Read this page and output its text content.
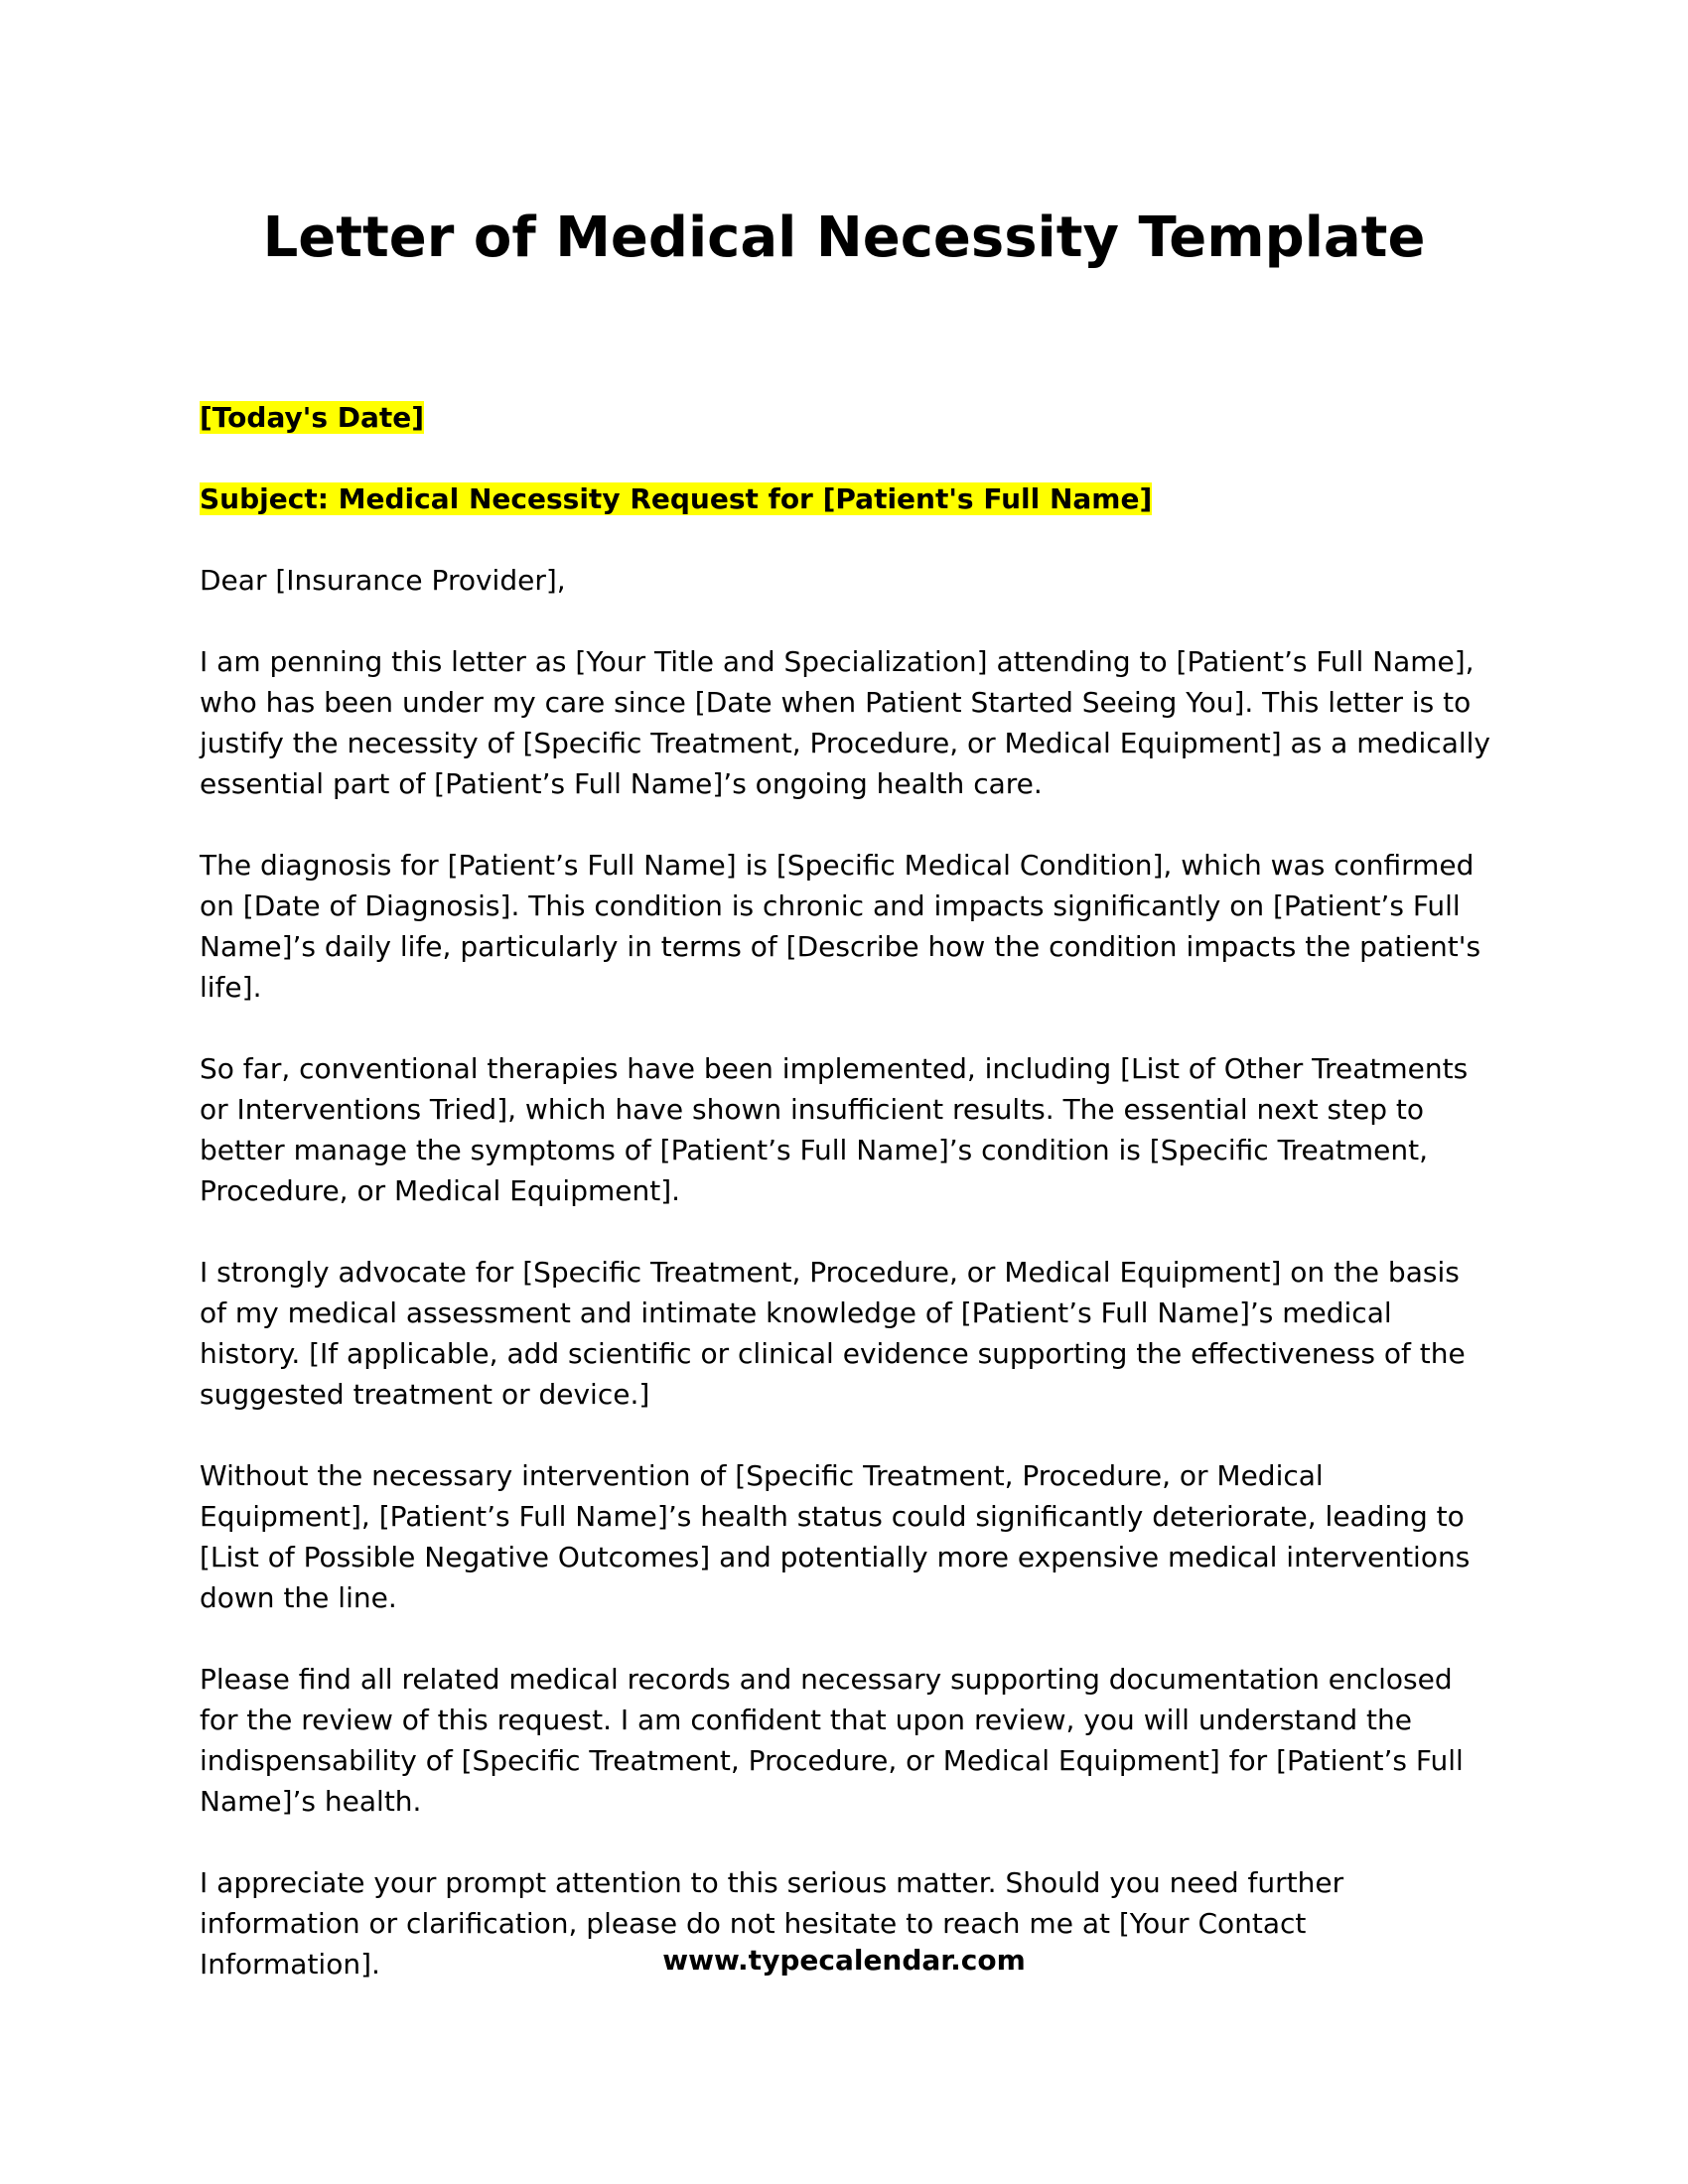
Letter of Medical Necessity Template

[Today's Date]

Subject: Medical Necessity Request for [Patient's Full Name]

Dear [Insurance Provider],

I am penning this letter as [Your Title and Specialization] attending to [Patient’s Full Name], who has been under my care since [Date when Patient Started Seeing You]. This letter is to justify the necessity of [Specific Treatment, Procedure, or Medical Equipment] as a medically essential part of [Patient’s Full Name]’s ongoing health care.

The diagnosis for [Patient’s Full Name] is [Specific Medical Condition], which was confirmed on [Date of Diagnosis]. This condition is chronic and impacts significantly on [Patient’s Full Name]’s daily life, particularly in terms of [Describe how the condition impacts the patient's life].

So far, conventional therapies have been implemented, including [List of Other Treatments or Interventions Tried], which have shown insufficient results. The essential next step to better manage the symptoms of [Patient’s Full Name]’s condition is [Specific Treatment, Procedure, or Medical Equipment].

I strongly advocate for [Specific Treatment, Procedure, or Medical Equipment] on the basis of my medical assessment and intimate knowledge of [Patient’s Full Name]’s medical history. [If applicable, add scientific or clinical evidence supporting the effectiveness of the suggested treatment or device.]

Without the necessary intervention of [Specific Treatment, Procedure, or Medical Equipment], [Patient’s Full Name]’s health status could significantly deteriorate, leading to [List of Possible Negative Outcomes] and potentially more expensive medical interventions down the line.

Please find all related medical records and necessary supporting documentation enclosed for the review of this request. I am confident that upon review, you will understand the indispensability of [Specific Treatment, Procedure, or Medical Equipment] for [Patient’s Full Name]’s health.

I appreciate your prompt attention to this serious matter. Should you need further information or clarification, please do not hesitate to reach me at [Your Contact Information].	www.typecalendar.com
